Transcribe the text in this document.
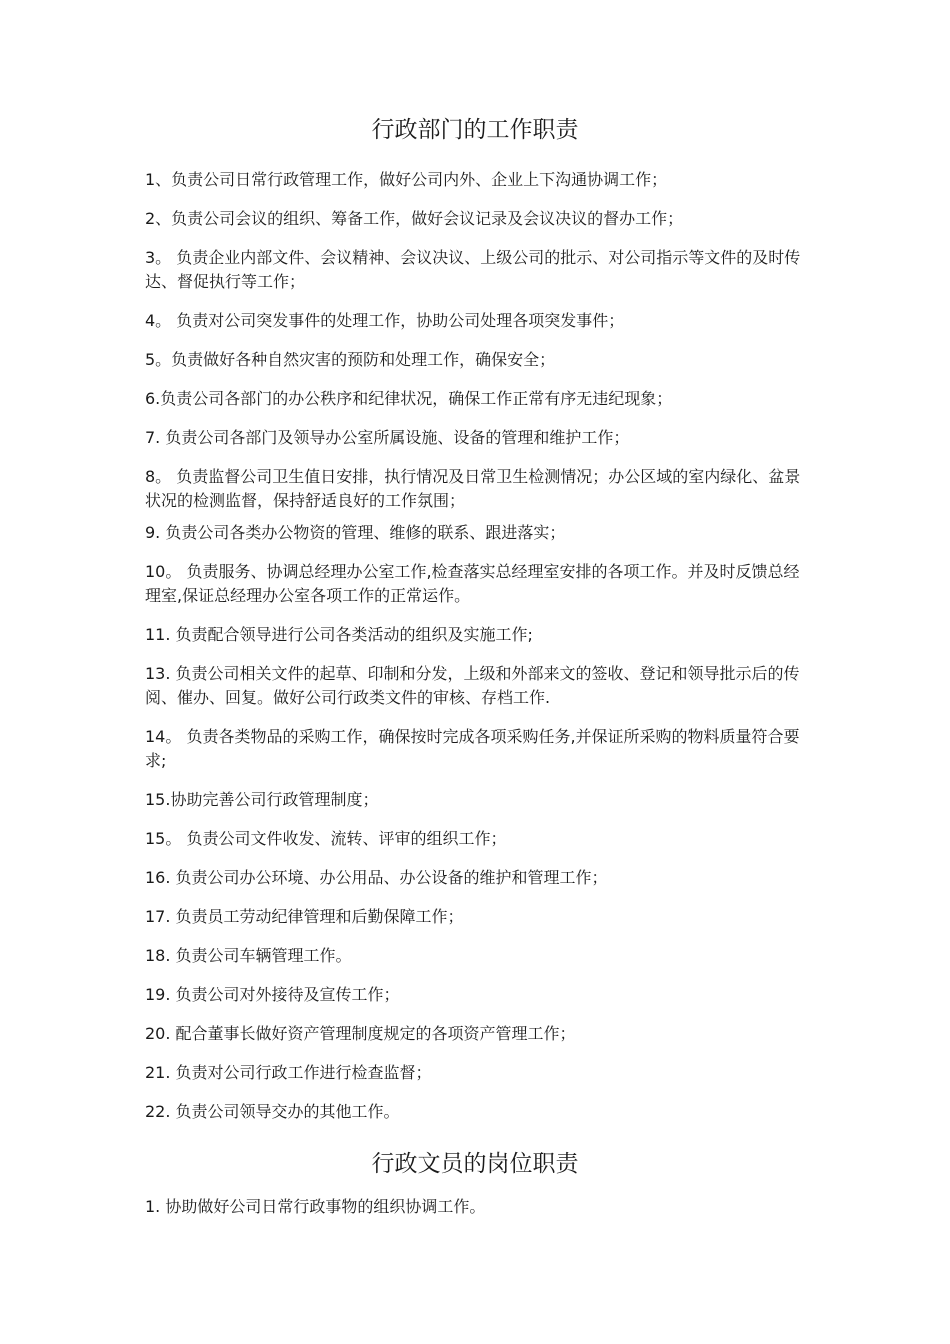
行政部门的工作职责

1、负责公司日常行政管理工作，做好公司内外、企业上下沟通协调工作；

2、负责公司会议的组织、筹备工作，做好会议记录及会议决议的督办工作；

3。 负责企业内部文件、会议精神、会议决议、上级公司的批示、对公司指示等文件的及时传达、督促执行等工作；

4。 负责对公司突发事件的处理工作，协助公司处理各项突发事件；

5。负责做好各种自然灾害的预防和处理工作，确保安全；

6.负责公司各部门的办公秩序和纪律状况，确保工作正常有序无违纪现象；

7. 负责公司各部门及领导办公室所属设施、设备的管理和维护工作；

8。 负责监督公司卫生值日安排，执行情况及日常卫生检测情况；办公区域的室内绿化、盆景状况的检测监督，保持舒适良好的工作氛围；

9. 负责公司各类办公物资的管理、维修的联系、跟进落实；

10。 负责服务、协调总经理办公室工作,检查落实总经理室安排的各项工作。并及时反馈总经理室,保证总经理办公室各项工作的正常运作。

11. 负责配合领导进行公司各类活动的组织及实施工作;

13. 负责公司相关文件的起草、印制和分发，上级和外部来文的签收、登记和领导批示后的传阅、催办、回复。做好公司行政类文件的审核、存档工作.

14。 负责各类物品的采购工作，确保按时完成各项采购任务,并保证所采购的物料质量符合要求;

15.协助完善公司行政管理制度；

15。 负责公司文件收发、流转、评审的组织工作；

16. 负责公司办公环境、办公用品、办公设备的维护和管理工作；

17. 负责员工劳动纪律管理和后勤保障工作；

18. 负责公司车辆管理工作。

19. 负责公司对外接待及宣传工作；

20. 配合董事长做好资产管理制度规定的各项资产管理工作；

21. 负责对公司行政工作进行检查监督；

22. 负责公司领导交办的其他工作。

行政文员的岗位职责

1. 协助做好公司日常行政事物的组织协调工作。
